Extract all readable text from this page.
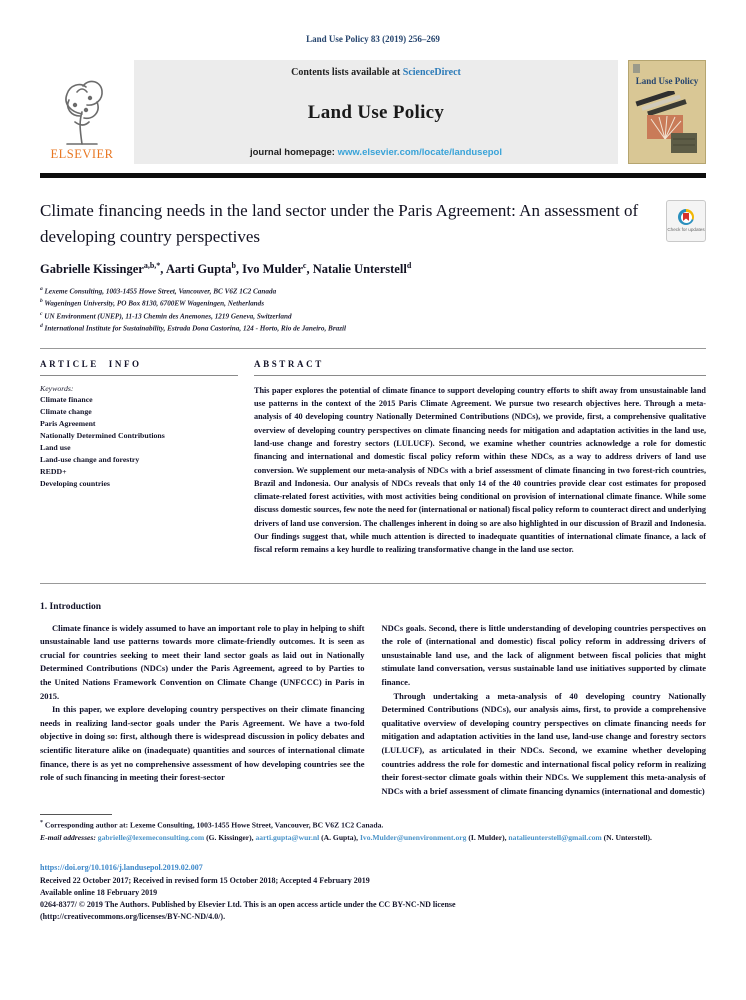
Land Use Policy 83 (2019) 256–269
ELSEVIER
Contents lists available at ScienceDirect
Land Use Policy
journal homepage: www.elsevier.com/locate/landusepol
Land Use Policy
Climate financing needs in the land sector under the Paris Agreement: An assessment of developing country perspectives	Check for updates
Gabrielle Kissinger$^{a,b,*}$, Aarti Gupta$^b$, Ivo Mulder$^c$, Natalie Unterstell$^d$
$^a$ Lexeme Consulting, 1003-1455 Howe Street, Vancouver, BC V6Z 1C2 Canada
$^b$ Wageningen University, PO Box 8130, 6700EW Wageningen, Netherlands
$^c$ UN Environment (UNEP), 11-13 Chemin des Anemones, 1219 Geneva, Switzerland
$^d$ International Institute for Sustainability, Estrada Dona Castorina, 124 - Horto, Rio de Janeiro, Brazil
ARTICLE INFO
Keywords:
Climate finance
Climate change
Paris Agreement
Nationally Determined Contributions
Land use
Land-use change and forestry
REDD+
Developing countries
ABSTRACT
This paper explores the potential of climate finance to support developing country efforts to shift away from unsustainable land use patterns in the context of the 2015 Paris Climate Agreement. We pursue two research objectives here. Through a meta-analysis of 40 developing country Nationally Determined Contributions (NDCs), we provide, first, a comprehensive qualitative overview of developing country perspectives on climate financing needs for mitigation and adaptation activities in the land use, land-use change and forestry sectors (LULUCF). Second, we examine whether countries acknowledge a role for domestic financing and international and domestic fiscal policy reform within these NDCs, as a way to address drivers of land use conversion. We supplement our meta-analysis of NDCs with a brief assessment of climate financing in two forest-rich countries, Brazil and Indonesia. Our analysis of NDCs reveals that only 14 of the 40 countries provide clear cost estimates for proposed climate-related forest activities, with most activities being conditional on provision of international climate finance. While some discuss domestic sources, few note the need for (international or national) fiscal policy reform to counteract direct and underlying drivers of land use conversion. The challenges inherent in doing so are also highlighted in our discussion of Brazil and Indonesia. Our findings suggest that, while much attention is directed to inadequate quantities of international climate finance, a lack of fiscal reform remains a key hurdle to realizing transformative change in the land use sector.
1. Introduction

Climate finance is widely assumed to have an important role to play in helping to shift unsustainable land use patterns towards more climate-friendly outcomes. It is seen as crucial for countries seeking to meet their land sector goals as laid out in Nationally Determined Contributions (NDCs) under the Paris Agreement, agreed to by Parties to the United Nations Framework Convention on Climate Change (UNFCCC) in Paris in 2015.

In this paper, we explore developing country perspectives on their climate financing needs in realizing land-sector goals under the Paris Agreement. We have a two-fold objective in doing so: first, although there is widespread discussion in policy debates and scientific literature alike on (inadequate) quantities and sources of international climate finance, there is as yet no comprehensive assessment of how developing countries see the role of such financing in meeting their forest-sector

NDCs goals. Second, there is little understanding of developing countries perspectives on the role of (international and domestic) fiscal policy reform in addressing drivers of unsustainable land use, and the lack of alignment between fiscal policies that might stimulate land conversation, versus sustainable land use initiatives supported by climate finance.

Through undertaking a meta-analysis of 40 developing country Nationally Determined Contributions (NDCs), our analysis aims, first, to provide a comprehensive qualitative overview of developing country perspectives on climate financing needs for mitigation and adaptation activities in the land use, land-use change and forestry sectors (LULUCF), as articulated in their NDCs. Second, we examine whether developing countries address the role for domestic and international fiscal policy reform in realizing their forest-sector climate goals within their NDCs. We supplement this meta-analysis of NDCs with a brief assessment of climate financing dynamics (international and domestic)

* Corresponding author at: Lexeme Consulting, 1003-1455 Howe Street, Vancouver, BC V6Z 1C2 Canada.
E-mail addresses: gabrielle@lexemeconsulting.com (G. Kissinger), aarti.gupta@wur.nl (A. Gupta), Ivo.Mulder@unenvironment.org (I. Mulder), natalieunterstell@gmail.com (N. Unterstell).
https://doi.org/10.1016/j.landusepol.2019.02.007
Received 22 October 2017; Received in revised form 15 October 2018; Accepted 4 February 2019
Available online 18 February 2019
0264-8377/ © 2019 The Authors. Published by Elsevier Ltd. This is an open access article under the CC BY-NC-ND license
(http://creativecommons.org/licenses/BY-NC-ND/4.0/).
